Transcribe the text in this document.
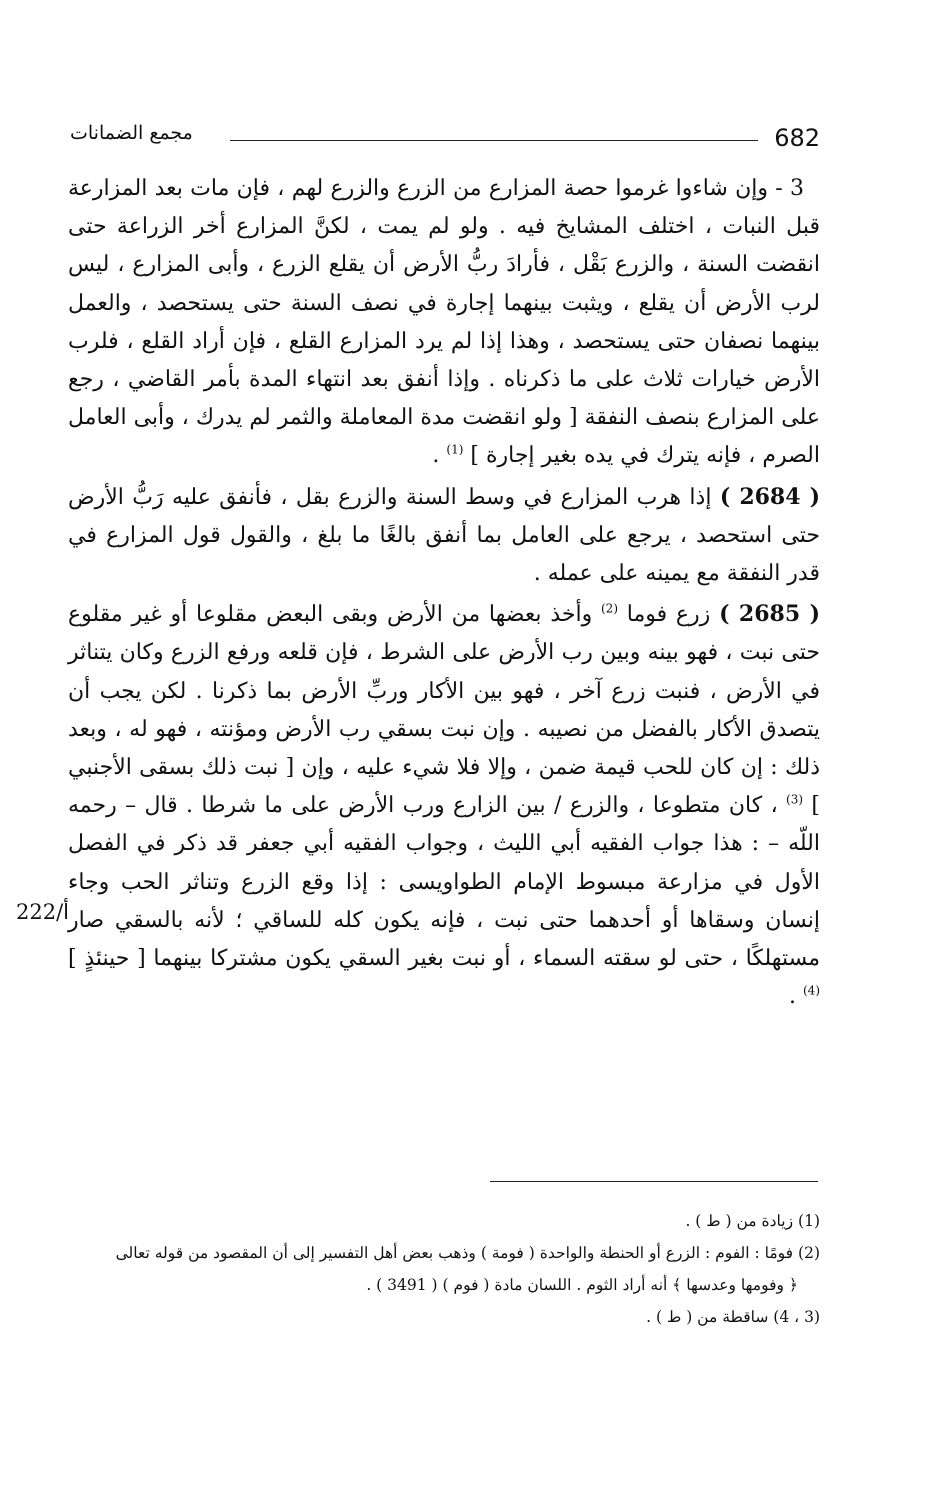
682
مجمع الضمانات
222/أ

3 - وإن شاءوا غرموا حصة المزارع من الزرع والزرع لهم ، فإن مات بعد المزارعة قبل النبات ، اختلف المشايخ فيه . ولو لم يمت ، لكنَّ المزارع أخر الزراعة حتى انقضت السنة ، والزرع بَقْل ، فأرادَ ربُّ الأرض أن يقلع الزرع ، وأبى المزارع ، ليس لرب الأرض أن يقلع ، ويثبت بينهما إجارة في نصف السنة حتى يستحصد ، والعمل بينهما نصفان حتى يستحصد ، وهذا إذا لم يرد المزارع القلع ، فإن أراد القلع ، فلرب الأرض خيارات ثلاث على ما ذكرناه . وإذا أنفق بعد انتهاء المدة بأمر القاضي ، رجع على المزارع بنصف النفقة [ ولو انقضت مدة المعاملة والثمر لم يدرك ، وأبى العامل الصرم ، فإنه يترك في يده بغير إجارة ] $^{(1)}$ .

( 2684 ) إذا هرب المزارع في وسط السنة والزرع بقل ، فأنفق عليه رَبُّ الأرض حتى استحصد ، يرجع على العامل بما أنفق بالغًا ما بلغ ، والقول قول المزارع في قدر النفقة مع يمينه على عمله .

( 2685 ) زرع فوما $^{(2)}$ وأخذ بعضها من الأرض وبقى البعض مقلوعا أو غير مقلوع حتى نبت ، فهو بينه وبين رب الأرض على الشرط ، فإن قلعه ورفع الزرع وكان يتناثر في الأرض ، فنبت زرع آخر ، فهو بين الأكار وربِّ الأرض بما ذكرنا . لكن يجب أن يتصدق الأكار بالفضل من نصيبه . وإن نبت بسقي رب الأرض ومؤنته ، فهو له ، وبعد ذلك : إن كان للحب قيمة ضمن ، وإلا فلا شيء عليه ، وإن [ نبت ذلك بسقى الأجنبي ] $^{(3)}$ ، كان متطوعا ، والزرع / بين الزارع ورب الأرض على ما شرطا . قال – رحمه اللّه – : هذا جواب الفقيه أبي الليث ، وجواب الفقيه أبي جعفر قد ذكر في الفصل الأول في مزارعة مبسوط الإمام الطواويسى : إذا وقع الزرع وتناثر الحب وجاء إنسان وسقاها أو أحدهما حتى نبت ، فإنه يكون كله للساقي ؛ لأنه بالسقي صار مستهلكًا ، حتى لو سقته السماء ، أو نبت بغير السقي يكون مشتركا بينهما [ حينئذٍ ] $^{(4)}$ .

(1) زيادة من ( ط ) .

(2) فومًا : الفوم : الزرع أو الحنطة والواحدة ( فومة ) وذهب بعض أهل التفسير إلى أن المقصود من قوله تعالى

﴿ وفومها وعدسها ﴾ أنه أراد الثوم . اللسان مادة ( فوم ) ( 3491 ) .

(3 ، 4) ساقطة من ( ط ) .
